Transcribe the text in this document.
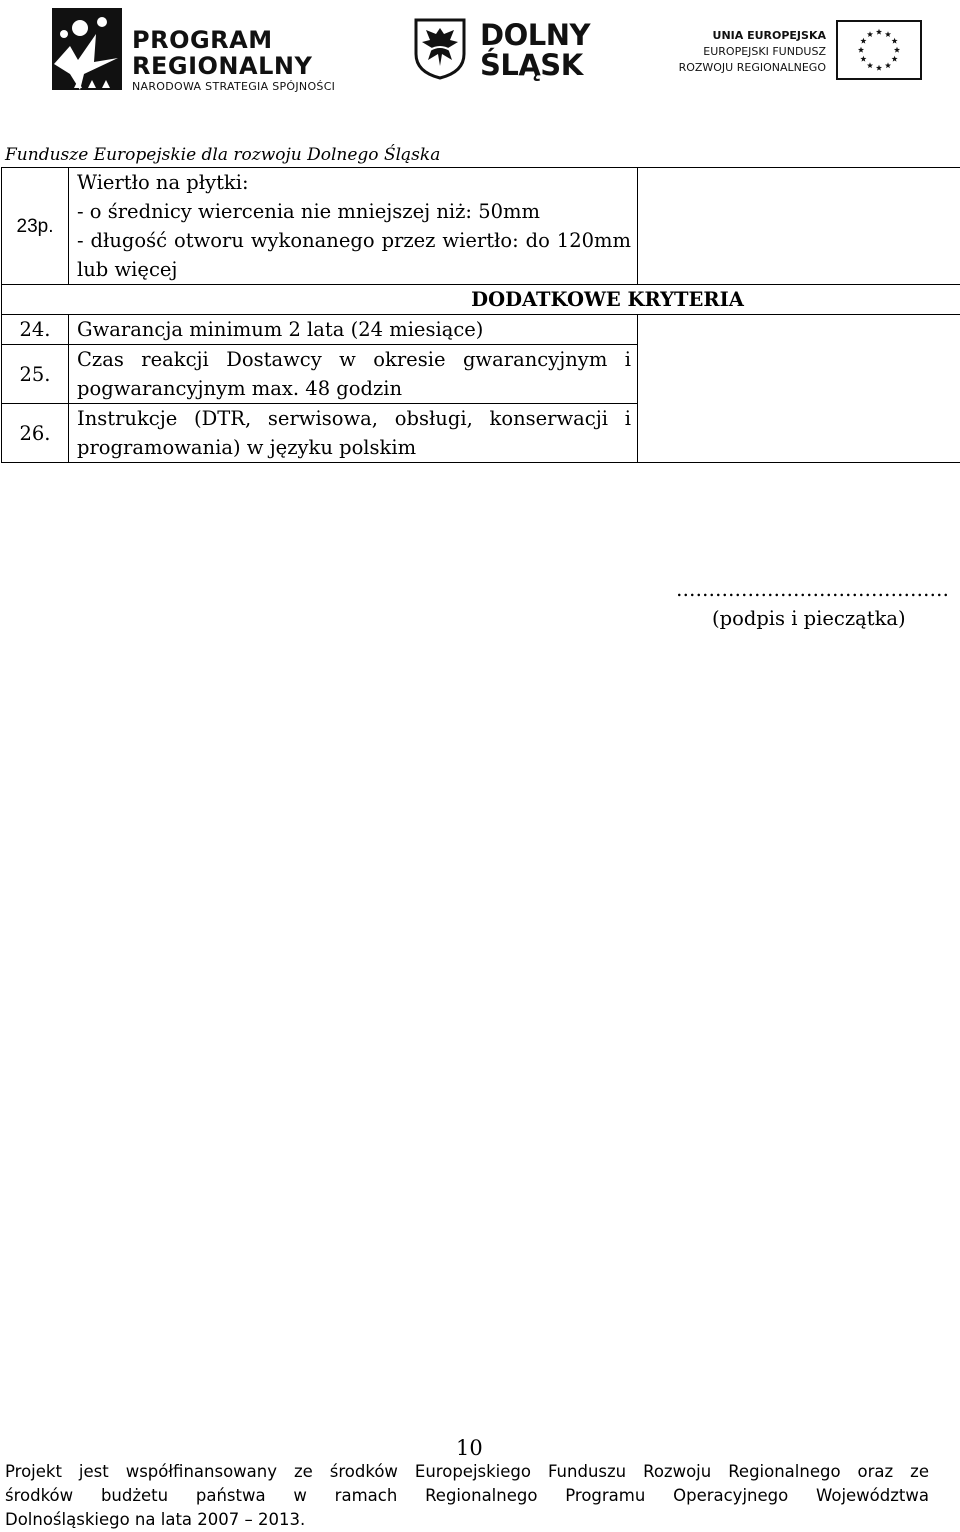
PROGRAM
REGIONALNY
NARODOWA STRATEGIA SPÓJNOŚCI
DOLNY
ŚLĄSK
UNIA EUROPEJSKA
EUROPEJSKI FUNDUSZ
ROZWOJU REGIONALNEGO
Fundusze Europejskie dla rozwoju Dolnego Śląska
23p.	Wiertło na płytki:
- o średnicy wiercenia nie mniejszej niż: 50mm
- długość otworu wykonanego przez wiertło: do 120mm lub więcej	

DODATKOWE KRYTERIA		
24.	Gwarancja minimum 2 lata (24 miesiące)	
25.	Czas reakcji Dostawcy w okresie gwarancyjnym i pogwarancyjnym max. 48 godzin	
26.	Instrukcje (DTR, serwisowa, obsługi, konserwacji i programowania) w języku polskim	
……………………………………
(podpis i pieczątka)
10
Projekt jest współfinansowany ze środków Europejskiego Funduszu Rozwoju Regionalnego oraz ze
środków budżetu państwa w ramach Regionalnego Programu Operacyjnego Województwa
Dolnośląskiego na lata 2007 – 2013.
